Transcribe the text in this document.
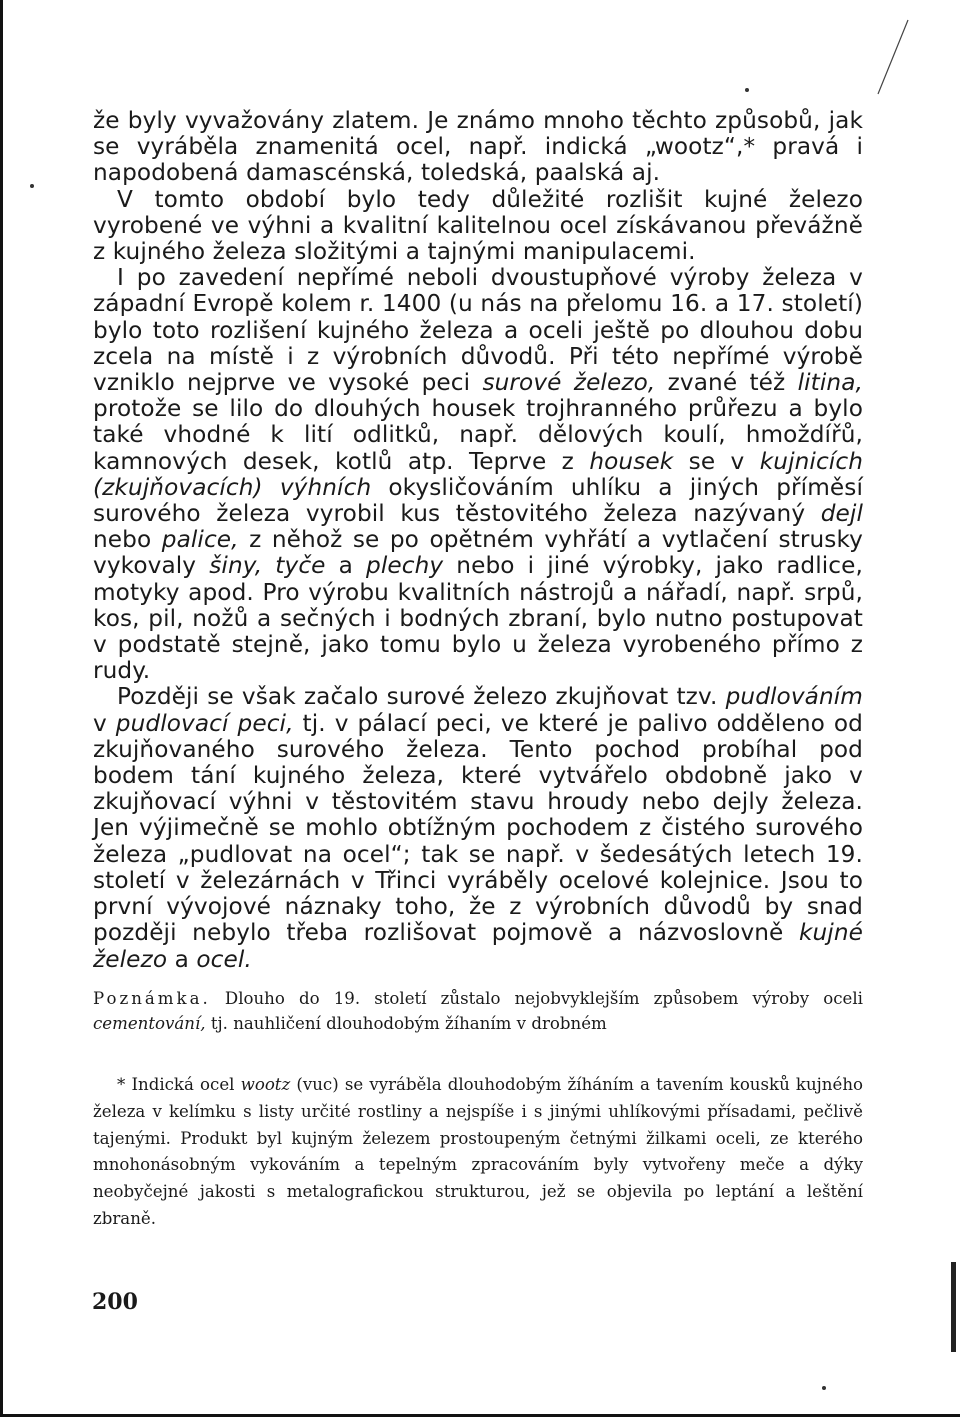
že byly vyvažovány zlatem. Je známo mnoho těchto způsobů, jak se vyráběla znamenitá ocel, např. indická „wootz“,* pravá i napodobená damascénská, toledská, paalská aj.

V tomto období bylo tedy důležité rozlišit kujné železo vyrobené ve výhni a kvalitní kalitelnou ocel získávanou převážně z kujného železa složitými a tajnými manipulacemi.

I po zavedení nepřímé neboli dvoustupňové výroby železa v západní Evropě kolem r. 1400 (u nás na přelomu 16. a 17. století) bylo toto rozlišení kujného železa a oceli ještě po dlouhou dobu zcela na místě i z výrobních důvodů. Při této nepřímé výrobě vzniklo nejprve ve vysoké peci surové železo, zvané též litina, protože se lilo do dlouhých housek trojhranného průřezu a bylo také vhodné k lití odlitků, např. dělových koulí, hmoždířů, kamnových desek, kotlů atp. Teprve z housek se v kujnicích (zkujňovacích) výhních okysličováním uhlíku a jiných příměsí surového železa vyrobil kus těstovitého železa nazývaný dejl nebo palice, z něhož se po opětném vyhřátí a vytlačení strusky vykovaly šiny, tyče a plechy nebo i jiné výrobky, jako radlice, motyky apod. Pro výrobu kvalitních nástrojů a nářadí, např. srpů, kos, pil, nožů a sečných i bodných zbraní, bylo nutno postupovat v podstatě stejně, jako tomu bylo u železa vyrobeného přímo z rudy.

Později se však začalo surové železo zkujňovat tzv. pudlováním v pudlovací peci, tj. v pálací peci, ve které je palivo odděleno od zkujňovaného surového železa. Tento pochod probíhal pod bodem tání kujného železa, které vytvářelo obdobně jako v zkujňovací výhni v těstovitém stavu hroudy nebo dejly železa. Jen výjimečně se mohlo obtížným pochodem z čistého surového železa „pudlovat na ocel“; tak se např. v šedesátých letech 19. století v železárnách v Třinci vyráběly ocelové kolejnice. Jsou to první vývojové náznaky toho, že z výrobních důvodů by snad později nebylo třeba rozlišovat pojmově a názvoslovně kujné železo a ocel.

Poznámka. Dlouho do 19. století zůstalo nejobvyklejším způsobem výroby oceli cementování, tj. nauhličení dlouhodobým žíhaním v drobném

* Indická ocel wootz (vuc) se vyráběla dlouhodobým žíháním a tavením kousků kujného železa v kelímku s listy určité rostliny a nejspíše i s jinými uhlíkovými přísadami, pečlivě tajenými. Produkt byl kujným železem prostoupeným četnými žilkami oceli, ze kterého mnohonásobným vykováním a tepelným zpracováním byly vytvořeny meče a dýky neobyčejné jakosti s metalografickou strukturou, jež se objevila po leptání a leštění zbraně.

200
